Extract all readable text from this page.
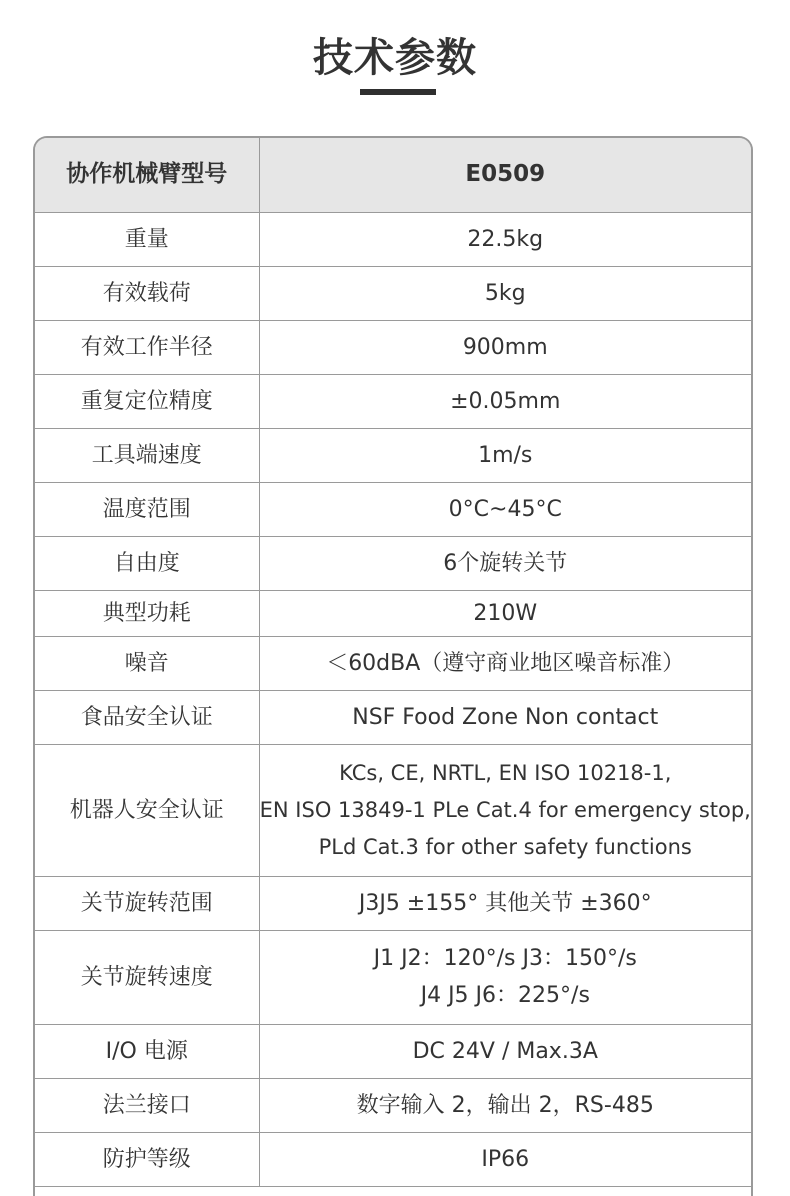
技术参数
协作机械臂型号	E0509
重量	22.5kg

有效载荷	5kg

有效工作半径	900mm

重复定位精度	±0.05mm

工具端速度	1m/s

温度范围	0°C~45°C

自由度	6个旋转关节

典型功耗	210W

噪音	＜60dBA（遵守商业地区噪音标准）

食品安全认证	NSF Food Zone Non contact

机器人安全认证	KCs, CE, NRTL, EN ISO 10218-1,
EN ISO 13849-1 PLe Cat.4 for emergency stop,
PLd Cat.3 for other safety functions

关节旋转范围	J3J5 ±155° 其他关节 ±360°

关节旋转速度	J1 J2：120°/s J3：150°/s
J4 J5 J6：225°/s

I/O 电源	DC 24V / Max.3A

法兰接口	数字输入 2，输出 2，RS-485

防护等级	IP66
